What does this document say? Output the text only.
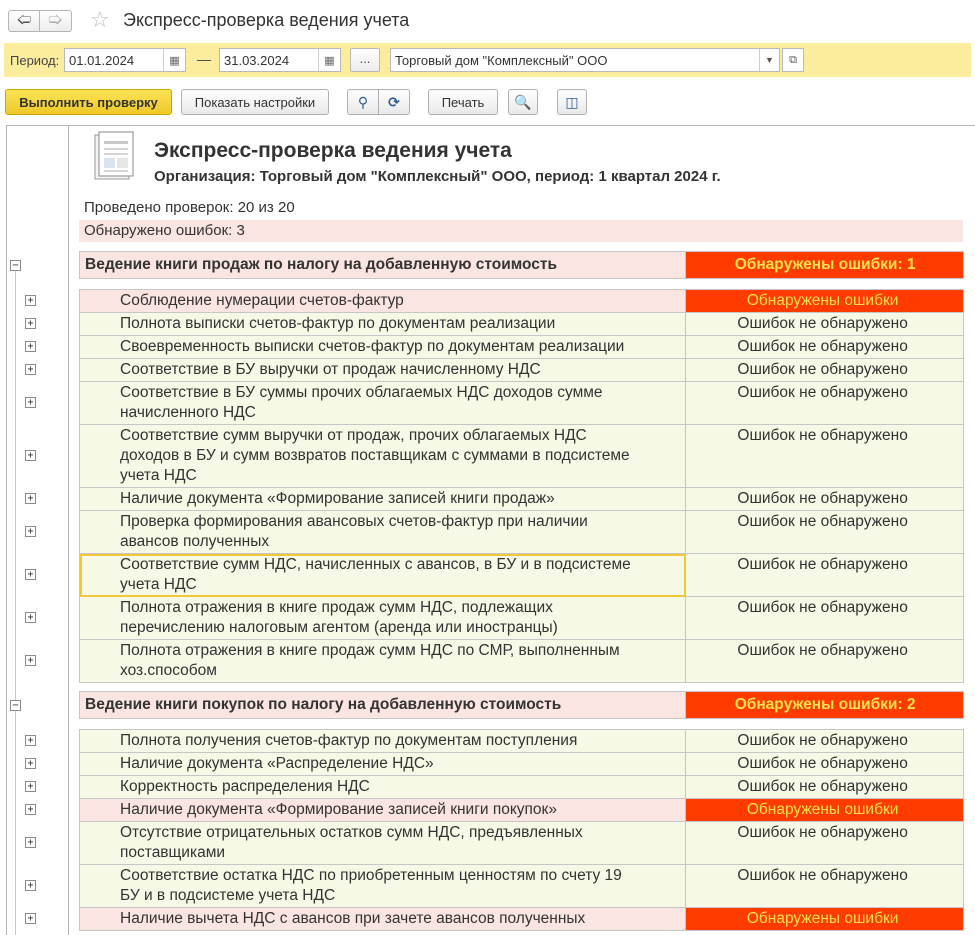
🢠 🢡 ☆ Экспресс-проверка ведения учета
Период: 01.01.2024	▦	— 31.03.2024	▦	...	Торговый дом "Комплексный" ООО	▼	⧉
Выполнить проверку	Показать настройки	⚲ ⟳	Печать	🔍 ◫
−
+
+
+
+
+
+
+
+
+
+
+
−
+
+
+
+
+
+
+
Экспресс-проверка ведения учета
Организация: Торговый дом "Комплексный" ООО, период: 1 квартал 2024 г.
Проведено проверок: 20 из 20
Обнаружено ошибок: 3
Ведение книги продаж по налогу на добавленную стоимость	Обнаружены ошибки: 1
Соблюдение нумерации счетов-фактур	Обнаружены ошибки
Полнота выписки счетов-фактур по документам реализации	Ошибок не обнаружено
Своевременность выписки счетов-фактур по документам реализации	Ошибок не обнаружено
Соответствие в БУ выручки от продаж начисленному НДС	Ошибок не обнаружено
Соответствие в БУ суммы прочих облагаемых НДС доходов сумме
начисленного НДС	Ошибок не обнаружено
Соответствие сумм выручки от продаж, прочих облагаемых НДС
доходов в БУ и сумм возвратов поставщикам с суммами в подсистеме
учета НДС	Ошибок не обнаружено
Наличие документа «Формирование записей книги продаж»	Ошибок не обнаружено
Проверка формирования авансовых счетов-фактур при наличии
авансов полученных	Ошибок не обнаружено
Соответствие сумм НДС, начисленных с авансов, в БУ и в подсистеме
учета НДС	Ошибок не обнаружено
Полнота отражения в книге продаж сумм НДС, подлежащих
перечислению налоговым агентом (аренда или иностранцы)	Ошибок не обнаружено
Полнота отражения в книге продаж сумм НДС по СМР, выполненным
хоз.способом	Ошибок не обнаружено
Ведение книги покупок по налогу на добавленную стоимость	Обнаружены ошибки: 2
Полнота получения счетов-фактур по документам поступления	Ошибок не обнаружено
Наличие документа «Распределение НДС»	Ошибок не обнаружено
Корректность распределения НДС	Ошибок не обнаружено
Наличие документа «Формирование записей книги покупок»	Обнаружены ошибки
Отсутствие отрицательных остатков сумм НДС, предъявленных
поставщиками	Ошибок не обнаружено
Соответствие остатка НДС по приобретенным ценностям по счету 19
БУ и в подсистеме учета НДС	Ошибок не обнаружено
Наличие вычета НДС с авансов при зачете авансов полученных	Обнаружены ошибки
